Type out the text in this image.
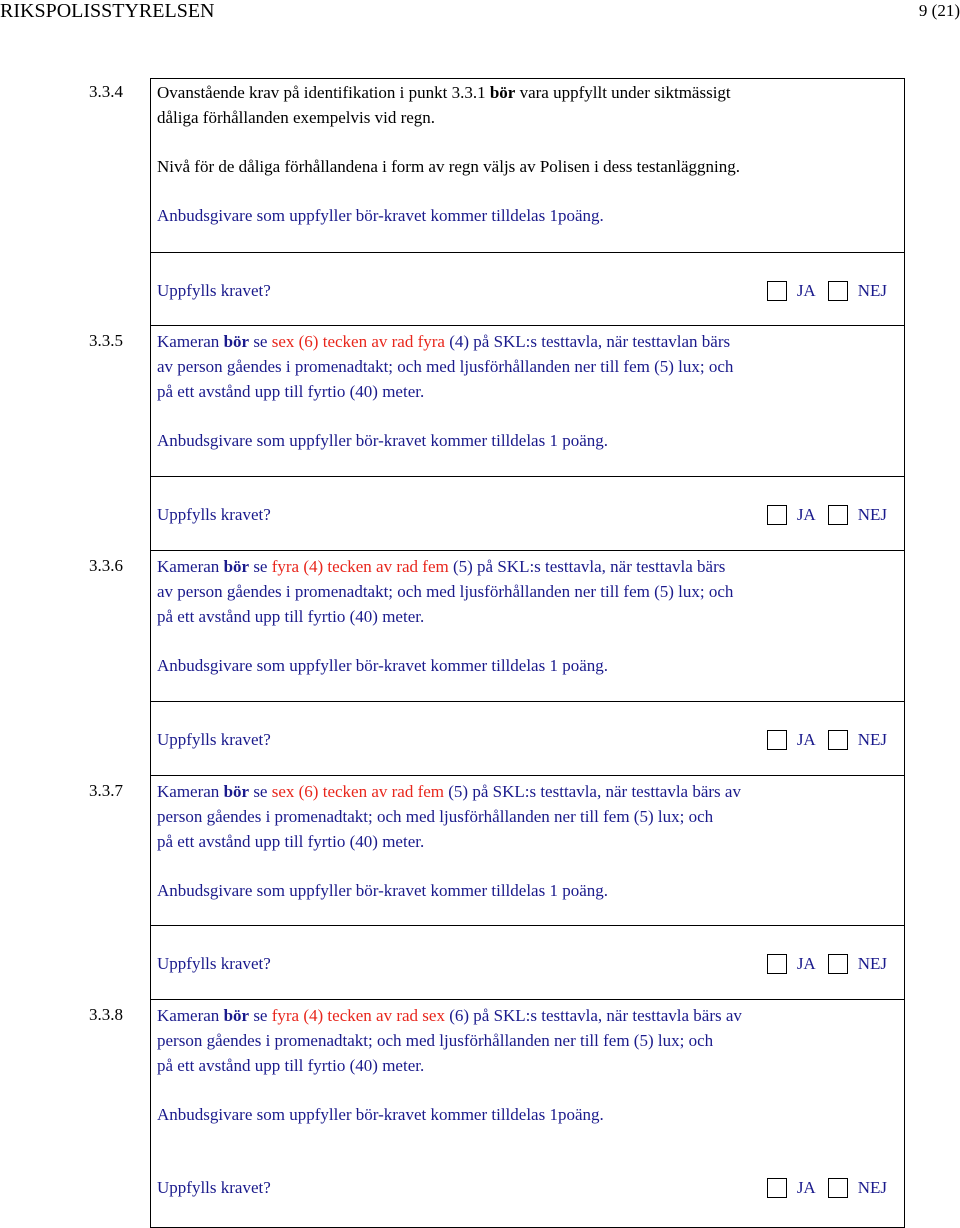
RIKSPOLISSTYRELSEN	9 (21)
3.3.4 Ovanstående krav på identifikation i punkt 3.3.1 bör vara uppfyllt under siktmässigt
dåliga förhållanden exempelvis vid regn.
Nivå för de dåliga förhållandena i form av regn väljs av Polisen i dess testanläggning.
Anbudsgivare som uppfyller bör-kravet kommer tilldelas 1poäng.
Uppfylls kravet?	JA NEJ
3.3.5 Kameran bör se sex (6) tecken av rad fyra (4) på SKL:s testtavla, när testtavlan bärs
av person gåendes i promenadtakt; och med ljusförhållanden ner till fem (5) lux; och
på ett avstånd upp till fyrtio (40) meter.
Anbudsgivare som uppfyller bör-kravet kommer tilldelas 1 poäng.
Uppfylls kravet?	JA NEJ
3.3.6 Kameran bör se fyra (4) tecken av rad fem (5) på SKL:s testtavla, när testtavla bärs
av person gåendes i promenadtakt; och med ljusförhållanden ner till fem (5) lux; och
på ett avstånd upp till fyrtio (40) meter.
Anbudsgivare som uppfyller bör-kravet kommer tilldelas 1 poäng.
Uppfylls kravet?	JA NEJ
3.3.7 Kameran bör se sex (6) tecken av rad fem (5) på SKL:s testtavla, när testtavla bärs av
person gåendes i promenadtakt; och med ljusförhållanden ner till fem (5) lux; och
på ett avstånd upp till fyrtio (40) meter.
Anbudsgivare som uppfyller bör-kravet kommer tilldelas 1 poäng.
Uppfylls kravet?	JA NEJ
3.3.8 Kameran bör se fyra (4) tecken av rad sex (6) på SKL:s testtavla, när testtavla bärs av
person gåendes i promenadtakt; och med ljusförhållanden ner till fem (5) lux; och
på ett avstånd upp till fyrtio (40) meter.
Anbudsgivare som uppfyller bör-kravet kommer tilldelas 1poäng.
Uppfylls kravet?	JA NEJ
